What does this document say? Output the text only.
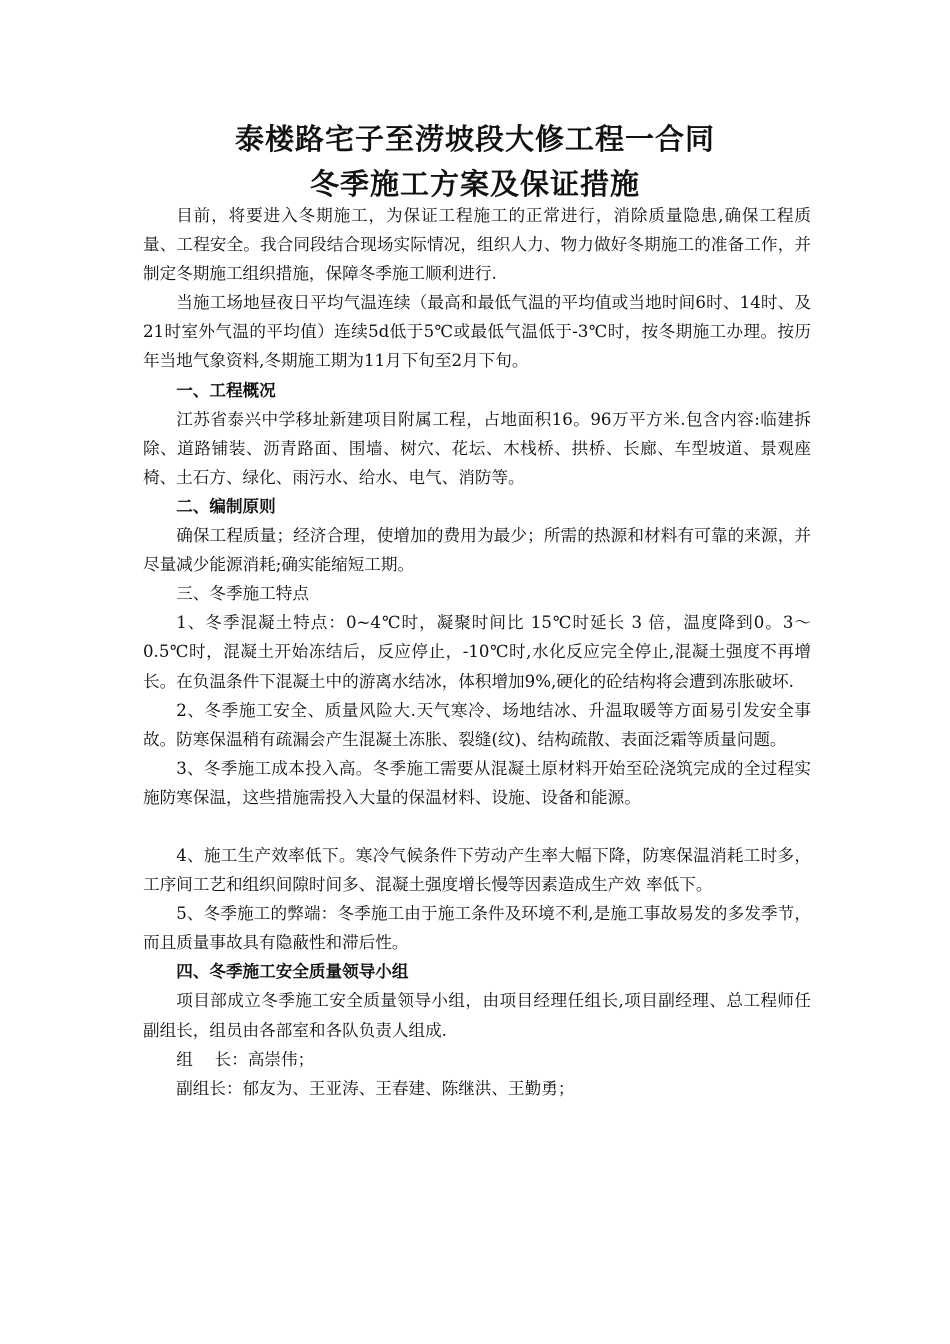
泰楼路宅子至涝坡段大修工程一合同
冬季施工方案及保证措施

目前，将要进入冬期施工，为保证工程施工的正常进行，消除质量隐患,确保工程质量、工程安全。我合同段结合现场实际情况，组织人力、物力做好冬期施工的准备工作，并制定冬期施工组织措施，保障冬季施工顺利进行.

当施工场地昼夜日平均气温连续（最高和最低气温的平均值或当地时间6时、14时、及21时室外气温的平均值）连续5d低于5℃或最低气温低于-3℃时，按冬期施工办理。按历年当地气象资料,冬期施工期为11月下旬至2月下旬。

一、工程概况

江苏省泰兴中学移址新建项目附属工程，占地面积16。96万平方米.包含内容:临建拆除、道路铺装、沥青路面、围墙、树穴、花坛、木栈桥、拱桥、长廊、车型坡道、景观座椅、土石方、绿化、雨污水、给水、电气、消防等。

二、编制原则

确保工程质量；经济合理，使增加的费用为最少；所需的热源和材料有可靠的来源，并尽量减少能源消耗;确实能缩短工期。

三、冬季施工特点

1、冬季混凝土特点：0~4℃时，凝聚时间比 15℃时延长 3 倍，温度降到0。3～ 0.5℃时，混凝土开始冻结后，反应停止，-10℃时,水化反应完全停止,混凝土强度不再增长。在负温条件下混凝土中的游离水结冰，体积增加9%,硬化的砼结构将会遭到冻胀破坏.

2、冬季施工安全、质量风险大.天气寒冷、场地结冰、升温取暖等方面易引发安全事故。防寒保温稍有疏漏会产生混凝土冻胀、裂缝(纹)、结构疏散、表面泛霜等质量问题。

3、冬季施工成本投入高。冬季施工需要从混凝土原材料开始至砼浇筑完成的全过程实施防寒保温，这些措施需投入大量的保温材料、设施、设备和能源。

4、施工生产效率低下。寒冷气候条件下劳动产生率大幅下降，防寒保温消耗工时多，工序间工艺和组织间隙时间多、混凝土强度增长慢等因素造成生产效 率低下。

5、冬季施工的弊端：冬季施工由于施工条件及环境不利,是施工事故易发的多发季节，而且质量事故具有隐蔽性和滞后性。

四、冬季施工安全质量领导小组

项目部成立冬季施工安全质量领导小组，由项目经理任组长,项目副经理、总工程师任副组长，组员由各部室和各队负责人组成.

组　 长：高崇伟；

副组长：郁友为、王亚涛、王春建、陈继洪、王勤勇；
